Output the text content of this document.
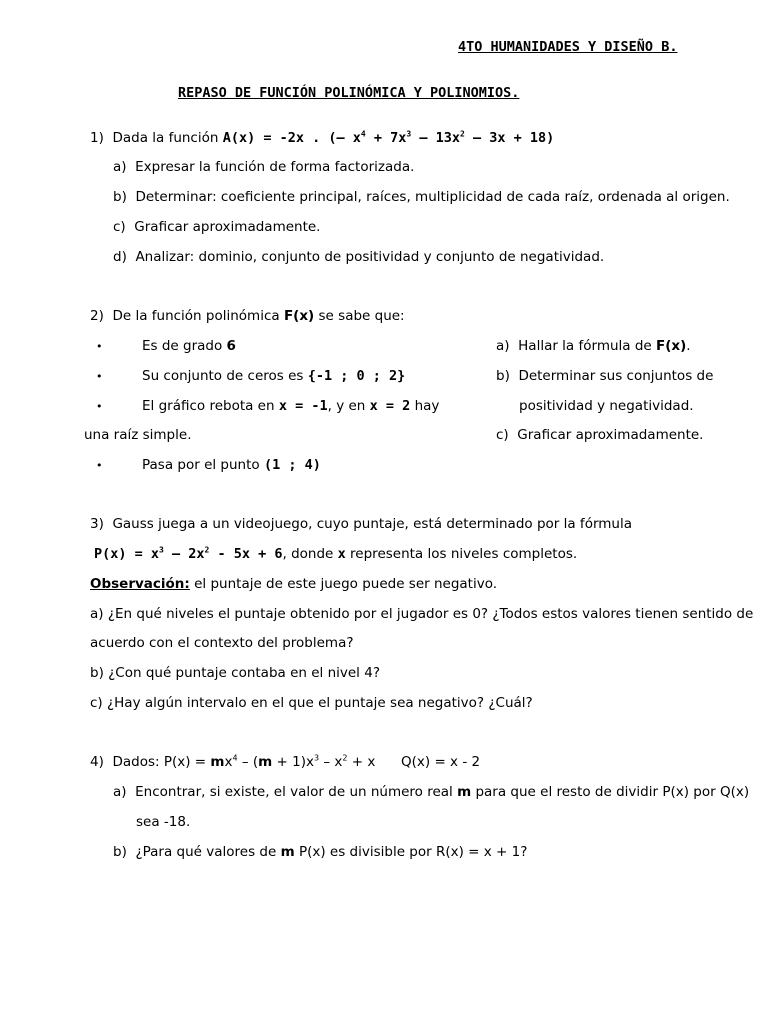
4TO HUMANIDADES Y DISEÑO B.
REPASO DE FUNCIÓN POLINÓMICA Y POLINOMIOS.
1) Dada la función A(x) = -2x . (– $x^4 + 7x^3 - 13x^2 - 3x + 18$)
a) Expresar la función de forma factorizada.
b) Determinar: coeficiente principal, raíces, multiplicidad de cada raíz, ordenada al origen.
c) Graficar aproximadamente.
d) Analizar: dominio, conjunto de positividad y conjunto de negatividad.
2) De la función polinómica F(x) se sabe que:
•	Es de grado 6
•	Su conjunto de ceros es {-1 ; 0 ; 2}
•	El gráfico rebota en x = -1, y en x = 2 hay
una raíz simple.
•	Pasa por el punto (1 ; 4)
a) Hallar la fórmula de F(x).
b) Determinar sus conjuntos de
positividad y negatividad.
c) Graficar aproximadamente.
3) Gauss juega a un videojuego, cuyo puntaje, está determinado por la fórmula
$P(x) = x^3 - 2x^2 - 5x + 6$, donde x representa los niveles completos.
Observación: el puntaje de este juego puede ser negativo.
a) ¿En qué niveles el puntaje obtenido por el jugador es 0? ¿Todos estos valores tienen sentido de
acuerdo con el contexto del problema?
b) ¿Con qué puntaje contaba en el nivel 4?
c) ¿Hay algún intervalo en el que el puntaje sea negativo? ¿Cuál?
4) Dados: $P(x) = mx^4 - (m + 1)x^3 - x^2 + x$ Q(x) = x - 2
a) Encontrar, si existe, el valor de un número real m para que el resto de dividir P(x) por Q(x)
sea -18.
b) ¿Para qué valores de m P(x) es divisible por R(x) = x + 1?
